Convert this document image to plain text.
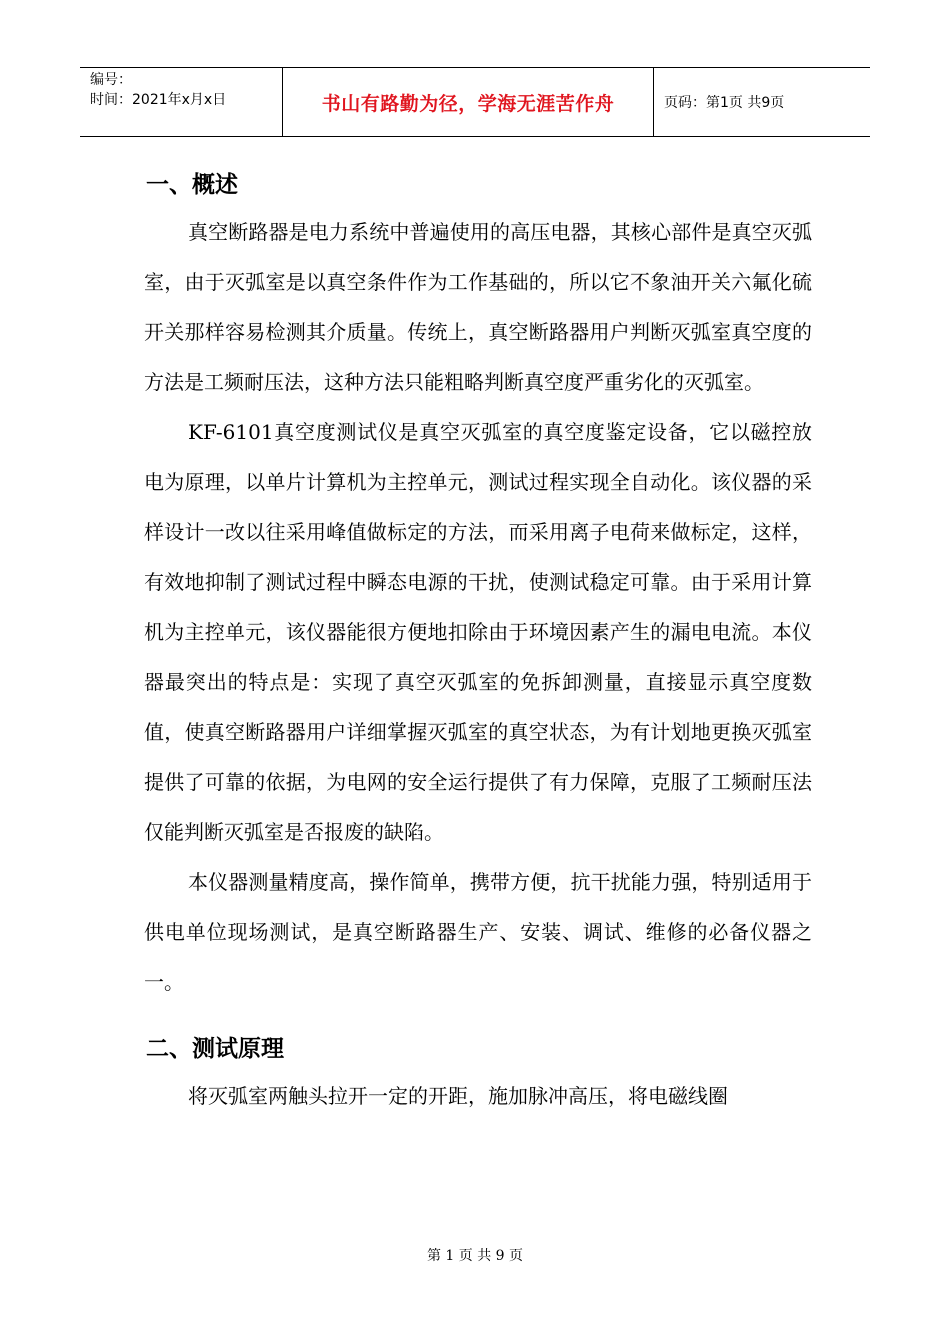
编号：
时间：2021年x月x日	书山有路勤为径，学海无涯苦作舟	页码：第1页 共9页
一、概述

真空断路器是电力系统中普遍使用的高压电器，其核心部件是真空灭弧室，由于灭弧室是以真空条件作为工作基础的，所以它不象油开关六氟化硫开关那样容易检测其介质量。传统上，真空断路器用户判断灭弧室真空度的方法是工频耐压法，这种方法只能粗略判断真空度严重劣化的灭弧室。

KF-6101真空度测试仪是真空灭弧室的真空度鉴定设备，它以磁控放电为原理，以单片计算机为主控单元，测试过程实现全自动化。该仪器的采样设计一改以往采用峰值做标定的方法，而采用离子电荷来做标定，这样，有效地抑制了测试过程中瞬态电源的干扰，使测试稳定可靠。由于采用计算机为主控单元，该仪器能很方便地扣除由于环境因素产生的漏电电流。本仪器最突出的特点是：实现了真空灭弧室的免拆卸测量，直接显示真空度数值，使真空断路器用户详细掌握灭弧室的真空状态，为有计划地更换灭弧室提供了可靠的依据，为电网的安全运行提供了有力保障，克服了工频耐压法仅能判断灭弧室是否报废的缺陷。

本仪器测量精度高，操作简单，携带方便，抗干扰能力强，特别适用于供电单位现场测试，是真空断路器生产、安装、调试、维修的必备仪器之一。

二、测试原理

将灭弧室两触头拉开一定的开距，施加脉冲高压，将电磁线圈

第 1 页 共 9 页
